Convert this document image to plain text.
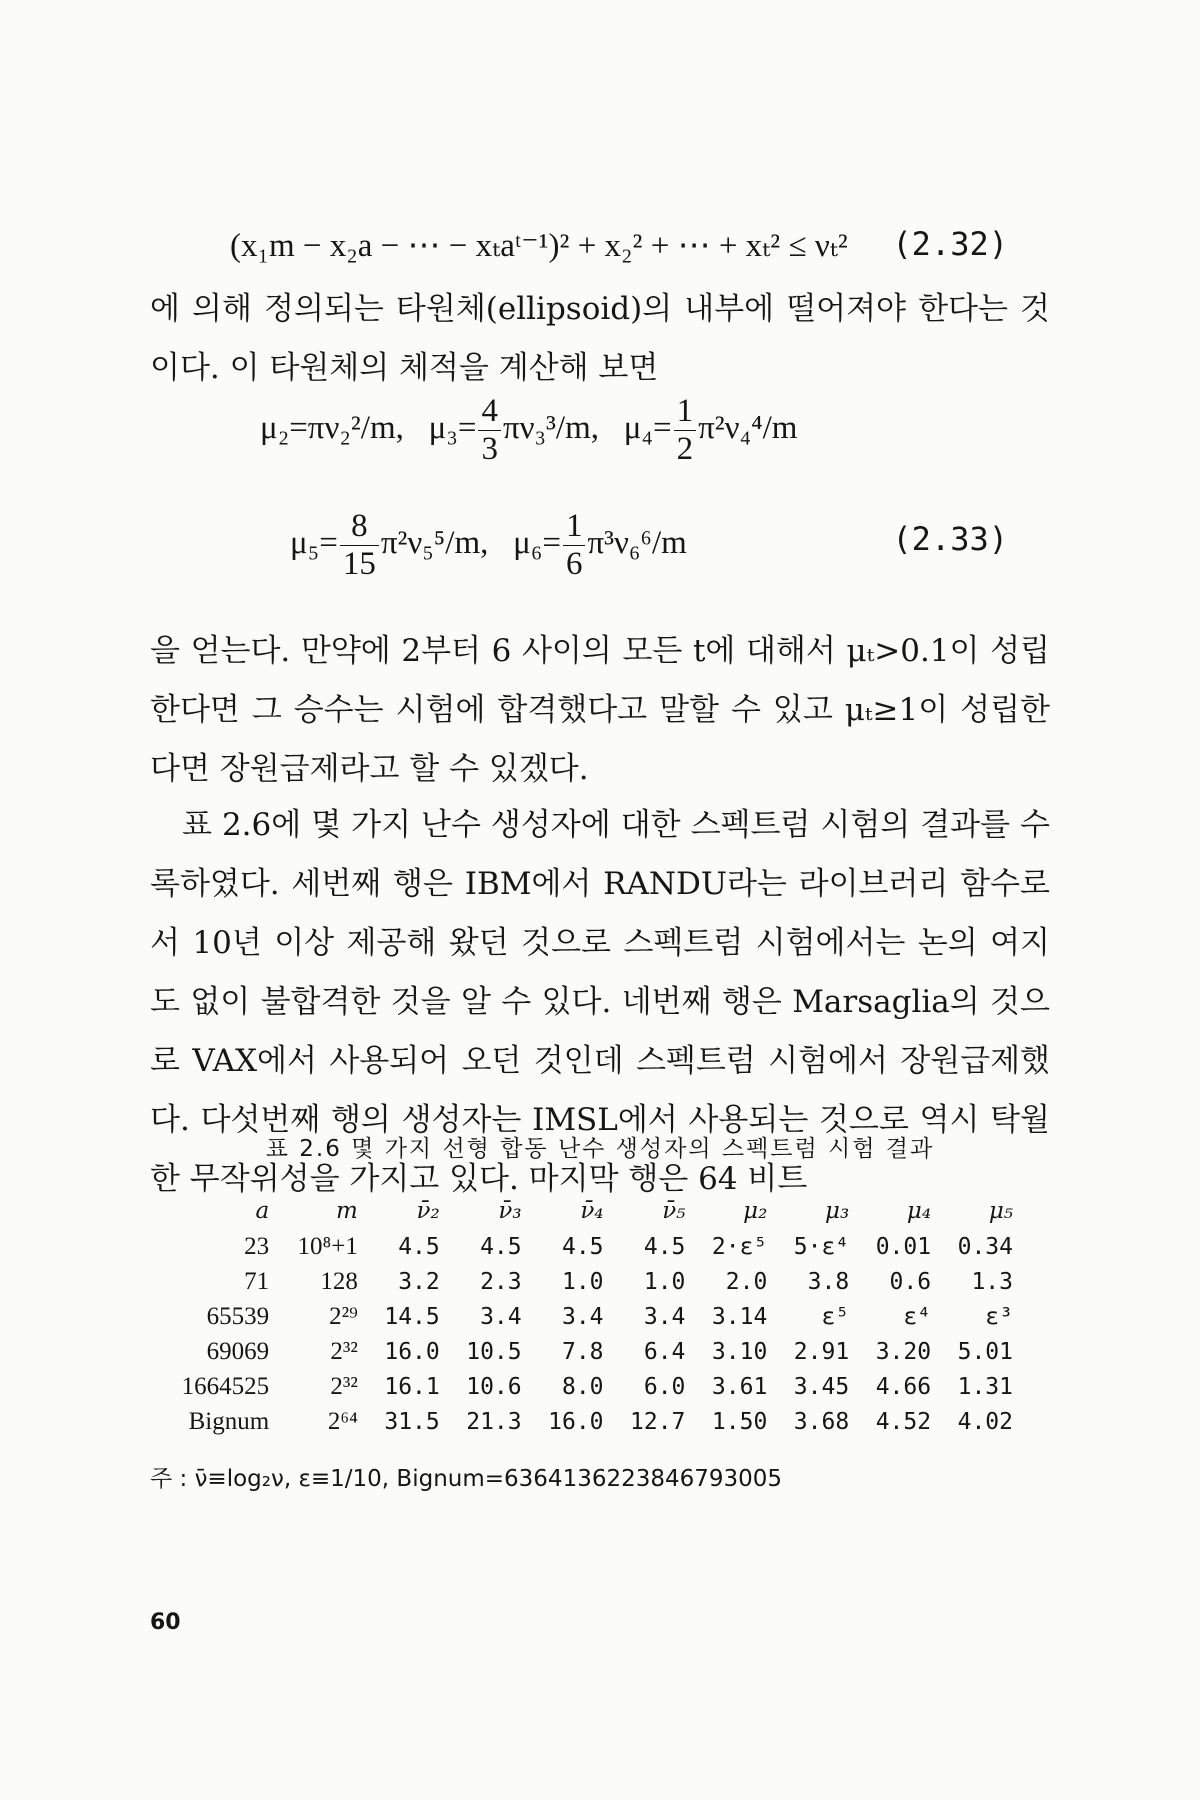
(x₁m − x₂a − ⋯ − xₜaᵗ⁻¹)² + x₂² + ⋯ + xₜ² ≤ νₜ² (2.32)

에 의해 정의되는 타원체(ellipsoid)의 내부에 떨어져야 한다는 것이다. 이 타원체의 체적을 계산해 보면

μ₂=πν₂²/m, $\mu_3= \frac{4}{3} \pi\nu_3^3/m$, $\mu_4= \frac{1}{2} \pi^2\nu_4^4/m$
$\mu_5= \frac{8}{15} \pi^2\nu_5^5/m$, $\mu_6= \frac{1}{6} \pi^3\nu_6^6/m$	(2.33)

을 얻는다. 만약에 2부터 6 사이의 모든 t에 대해서 μₜ>0.1이 성립한다면 그 승수는 시험에 합격했다고 말할 수 있고 μₜ≥1이 성립한다면 장원급제라고 할 수 있겠다.

표 2.6에 몇 가지 난수 생성자에 대한 스펙트럼 시험의 결과를 수록하였다. 세번째 행은 IBM에서 RANDU라는 라이브러리 함수로서 10년 이상 제공해 왔던 것으로 스펙트럼 시험에서는 논의 여지도 없이 불합격한 것을 알 수 있다. 네번째 행은 Marsaglia의 것으로 VAX에서 사용되어 오던 것인데 스펙트럼 시험에서 장원급제했다. 다섯번째 행의 생성자는 IMSL에서 사용되는 것으로 역시 탁월한 무작위성을 가지고 있다. 마지막 행은 64 비트

표 2.6 몇 가지 선형 합동 난수 생성자의 스펙트럼 시험 결과

a	m	ν̄₂	ν̄₃	ν̄₄	ν̄₅	μ₂	μ₃	μ₄	μ₅
23	10⁸+1	4.5	4.5	4.5	4.5	2·ε⁵	5·ε⁴	0.01	0.34
71	128	3.2	2.3	1.0	1.0	2.0	3.8	0.6	1.3
65539	2²⁹	14.5	3.4	3.4	3.4	3.14	ε⁵	ε⁴	ε³
69069	2³²	16.0	10.5	7.8	6.4	3.10	2.91	3.20	5.01
1664525	2³²	16.1	10.6	8.0	6.0	3.61	3.45	4.66	1.31
Bignum	2⁶⁴	31.5	21.3	16.0	12.7	1.50	3.68	4.52	4.02

주 : ν̄≡log₂ν, ε≡1/10, Bignum=6364136223846793005

60
